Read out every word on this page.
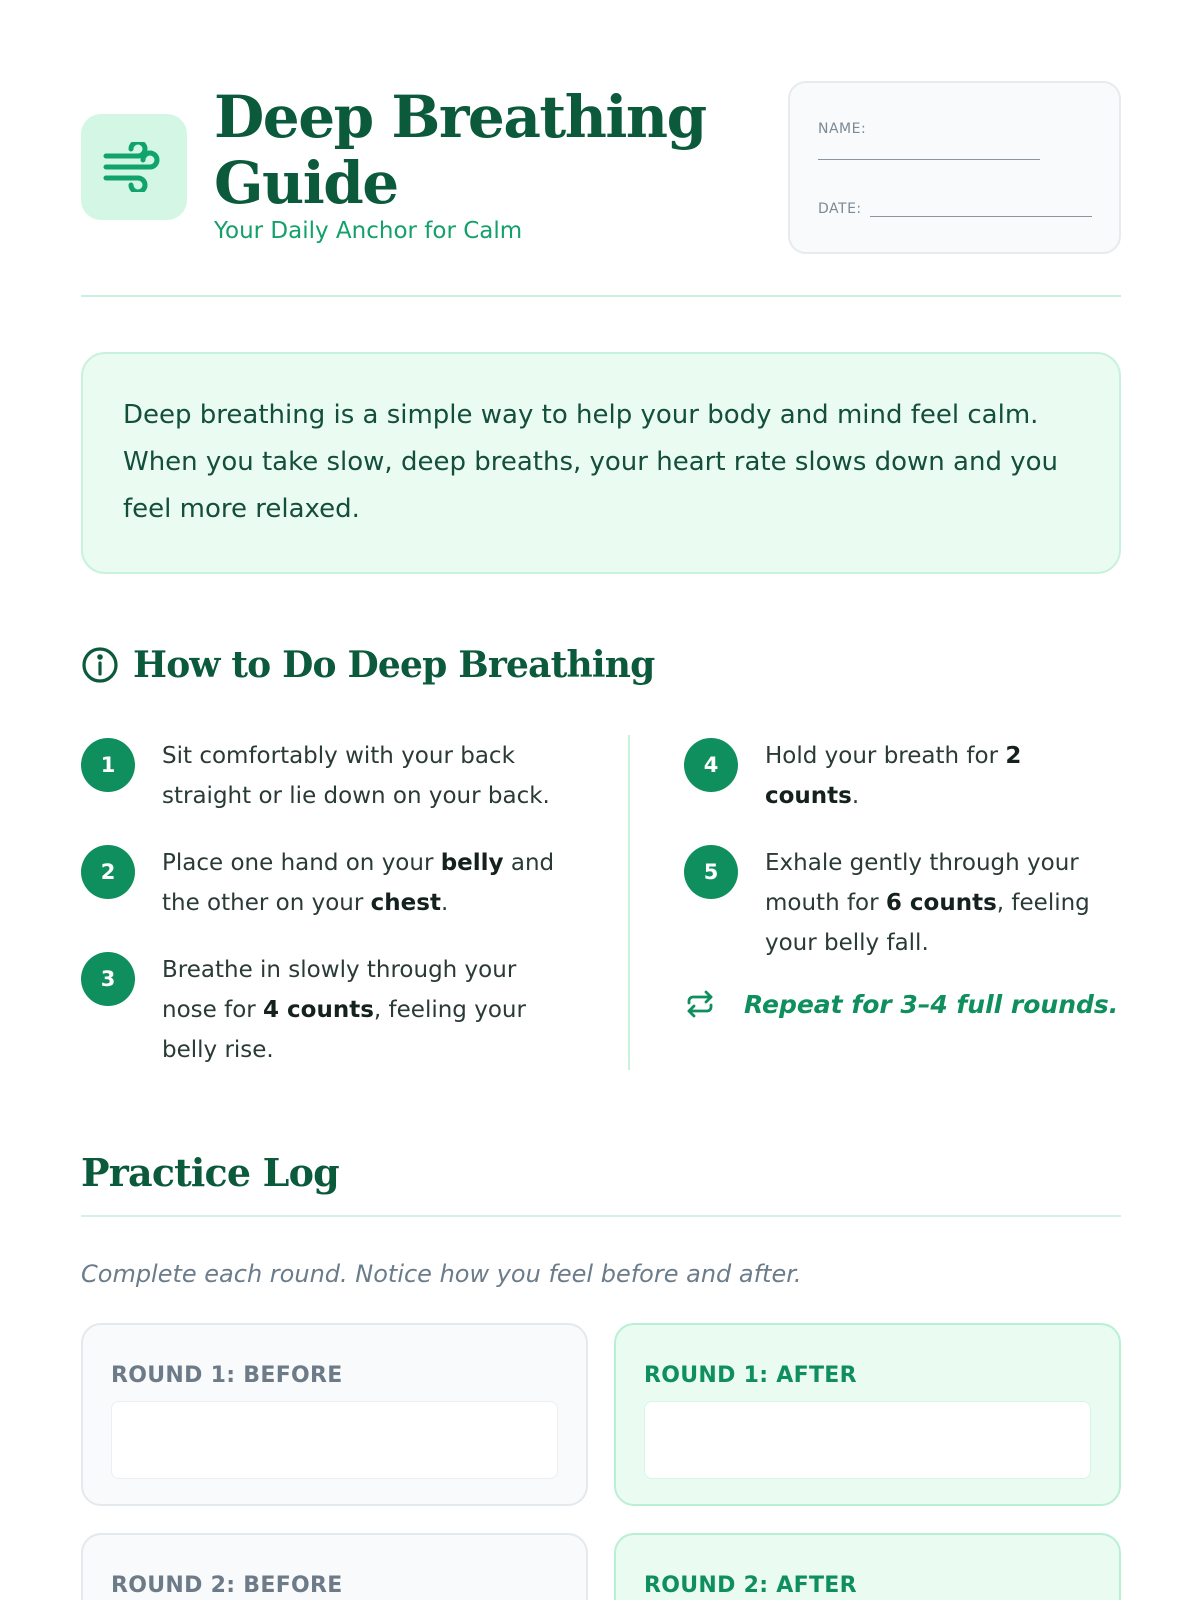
Deep Breathing Guide
Your Daily Anchor for Calm
NAME:
DATE:

Deep breathing is a simple way to help your body and mind feel calm. When you take slow, deep breaths, your heart rate slows down and you feel more relaxed.

How to Do Deep Breathing
1	Sit comfortably with your back straight or lie down on your back.
2	Place one hand on your belly and the other on your chest.
3	Breathe in slowly through your nose for 4 counts, feeling your belly rise.
4	Hold your breath for 2 counts.
5	Exhale gently through your mouth for 6 counts, feeling your belly fall.
Repeat for 3–4 full rounds.
Practice Log
Complete each round. Notice how you feel before and after.
ROUND 1: BEFORE	ROUND 1: AFTER
ROUND 2: BEFORE	ROUND 2: AFTER
